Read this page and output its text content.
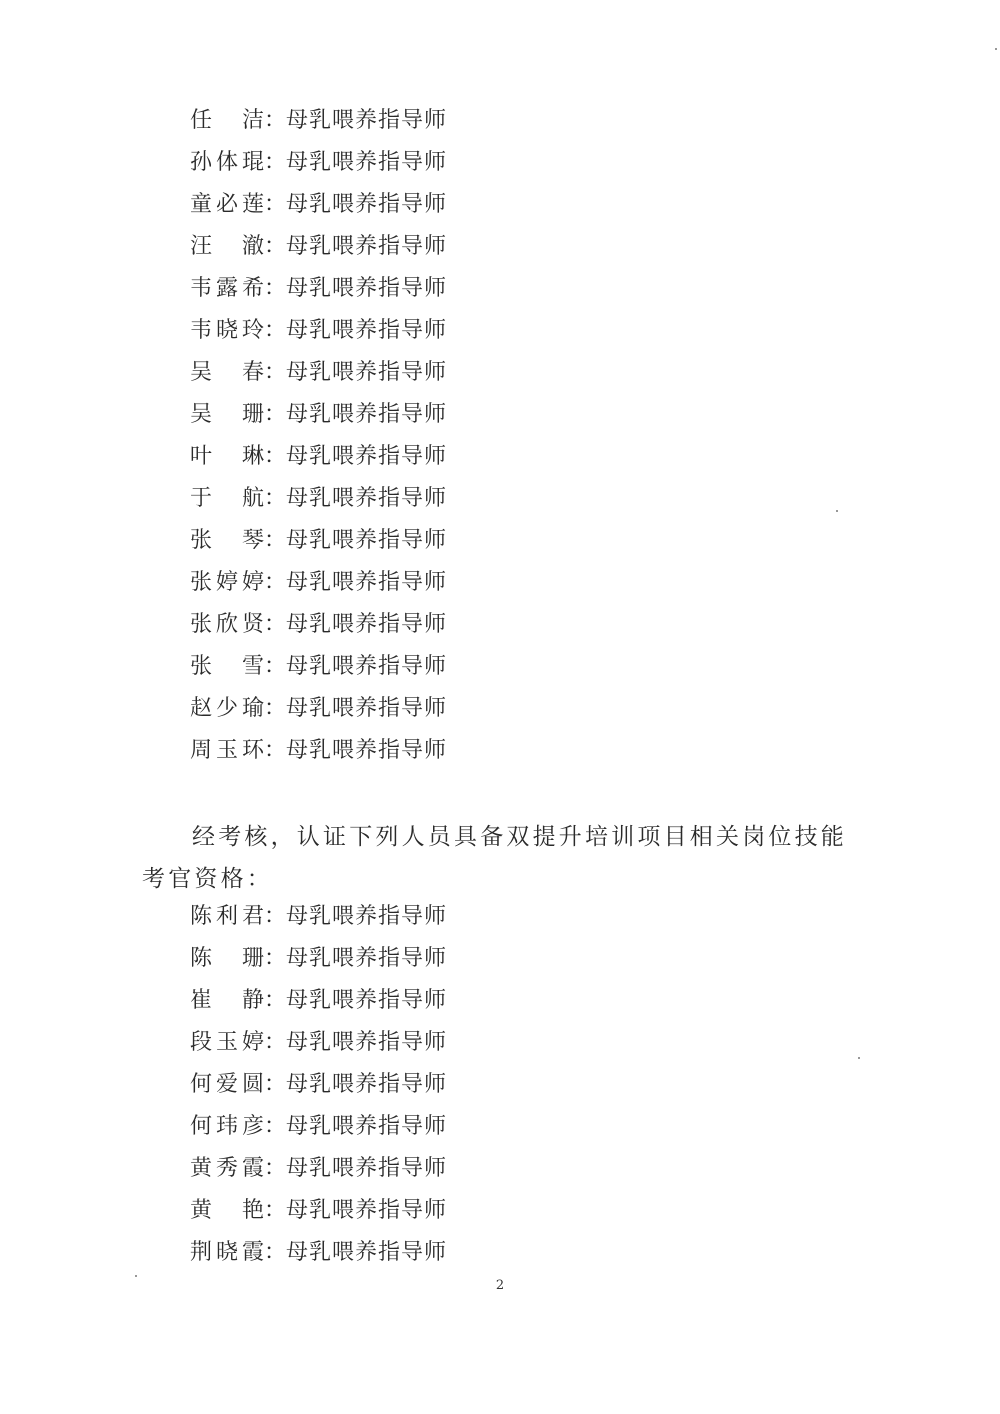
任　洁 ： 母乳喂养指导师
孙体琨 ： 母乳喂养指导师
童必莲 ： 母乳喂养指导师
汪　澈 ： 母乳喂养指导师
韦露希 ： 母乳喂养指导师
韦晓玲 ： 母乳喂养指导师
吴　春 ： 母乳喂养指导师
吴　珊 ： 母乳喂养指导师
叶　琳 ： 母乳喂养指导师
于　航 ： 母乳喂养指导师
张　琴 ： 母乳喂养指导师
张婷婷 ： 母乳喂养指导师
张欣贤 ： 母乳喂养指导师
张　雪 ： 母乳喂养指导师
赵少瑜 ： 母乳喂养指导师
周玉环 ： 母乳喂养指导师
经考核，认证下列人员具备双提升培训项目相关岗位技能考官资格：
陈利君 ： 母乳喂养指导师
陈　珊 ： 母乳喂养指导师
崔　静 ： 母乳喂养指导师
段玉婷 ： 母乳喂养指导师
何爱圆 ： 母乳喂养指导师
何玮彦 ： 母乳喂养指导师
黄秀霞 ： 母乳喂养指导师
黄　艳 ： 母乳喂养指导师
荆晓霞 ： 母乳喂养指导师
2
